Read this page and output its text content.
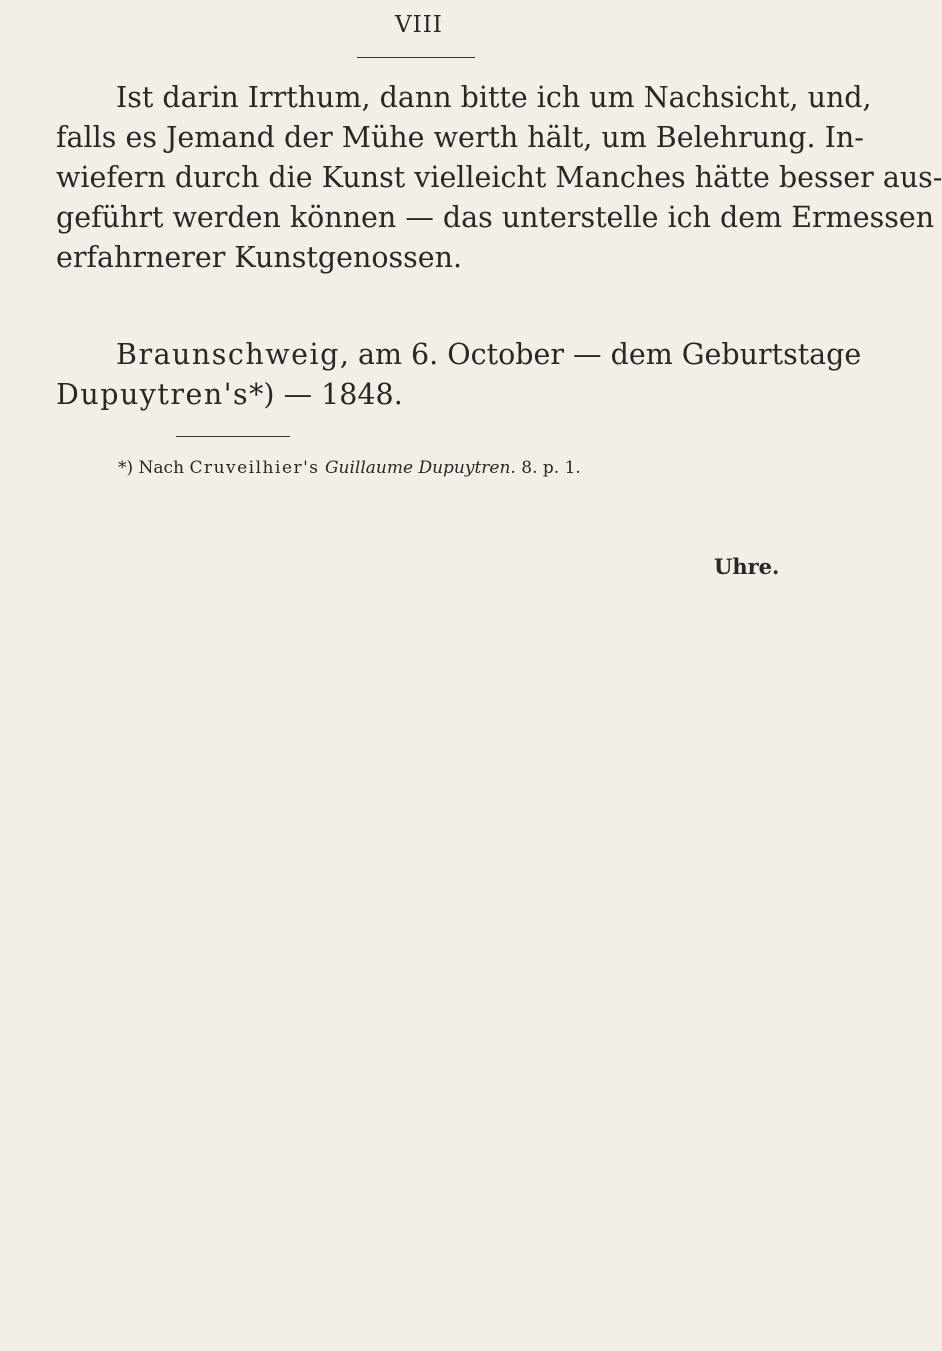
VIII
Ist darin Irrthum, dann bitte ich um Nachsicht, und,
falls es Jemand der Mühe werth hält, um Belehrung. In-
wiefern durch die Kunst vielleicht Manches hätte besser aus-
geführt werden können — das unterstelle ich dem Ermessen
erfahrnerer Kunstgenossen.
Braunschweig, am 6. October — dem Geburtstage
Dupuytren's*) — 1848.
*) Nach Cruveilhier's Guillaume Dupuytren. 8. p. 1.
Uhre.
